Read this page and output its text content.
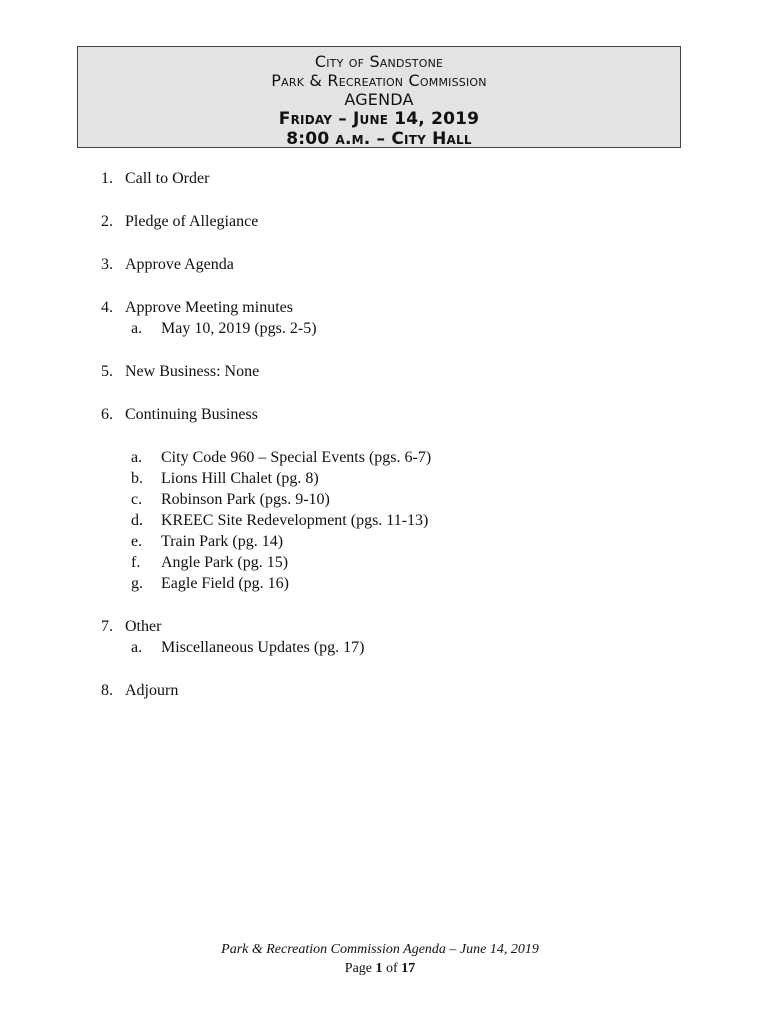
City of Sandstone
Park & Recreation Commission
AGENDA
Friday – June 14, 2019
8:00 a.m. – City Hall
1. Call to Order
2. Pledge of Allegiance
3. Approve Agenda
4. Approve Meeting minutes
a.	May 10, 2019 (pgs. 2-5)
5. New Business: None
6. Continuing Business
a.	City Code 960 – Special Events (pgs. 6-7)
b.	Lions Hill Chalet (pg. 8)
c.	Robinson Park (pgs. 9-10)
d.	KREEC Site Redevelopment (pgs. 11-13)
e.	Train Park (pg. 14)
f.	Angle Park (pg. 15)
g.	Eagle Field (pg. 16)
7. Other
a.	Miscellaneous Updates (pg. 17)
8. Adjourn
Park & Recreation Commission Agenda – June 14, 2019
Page 1 of 17
